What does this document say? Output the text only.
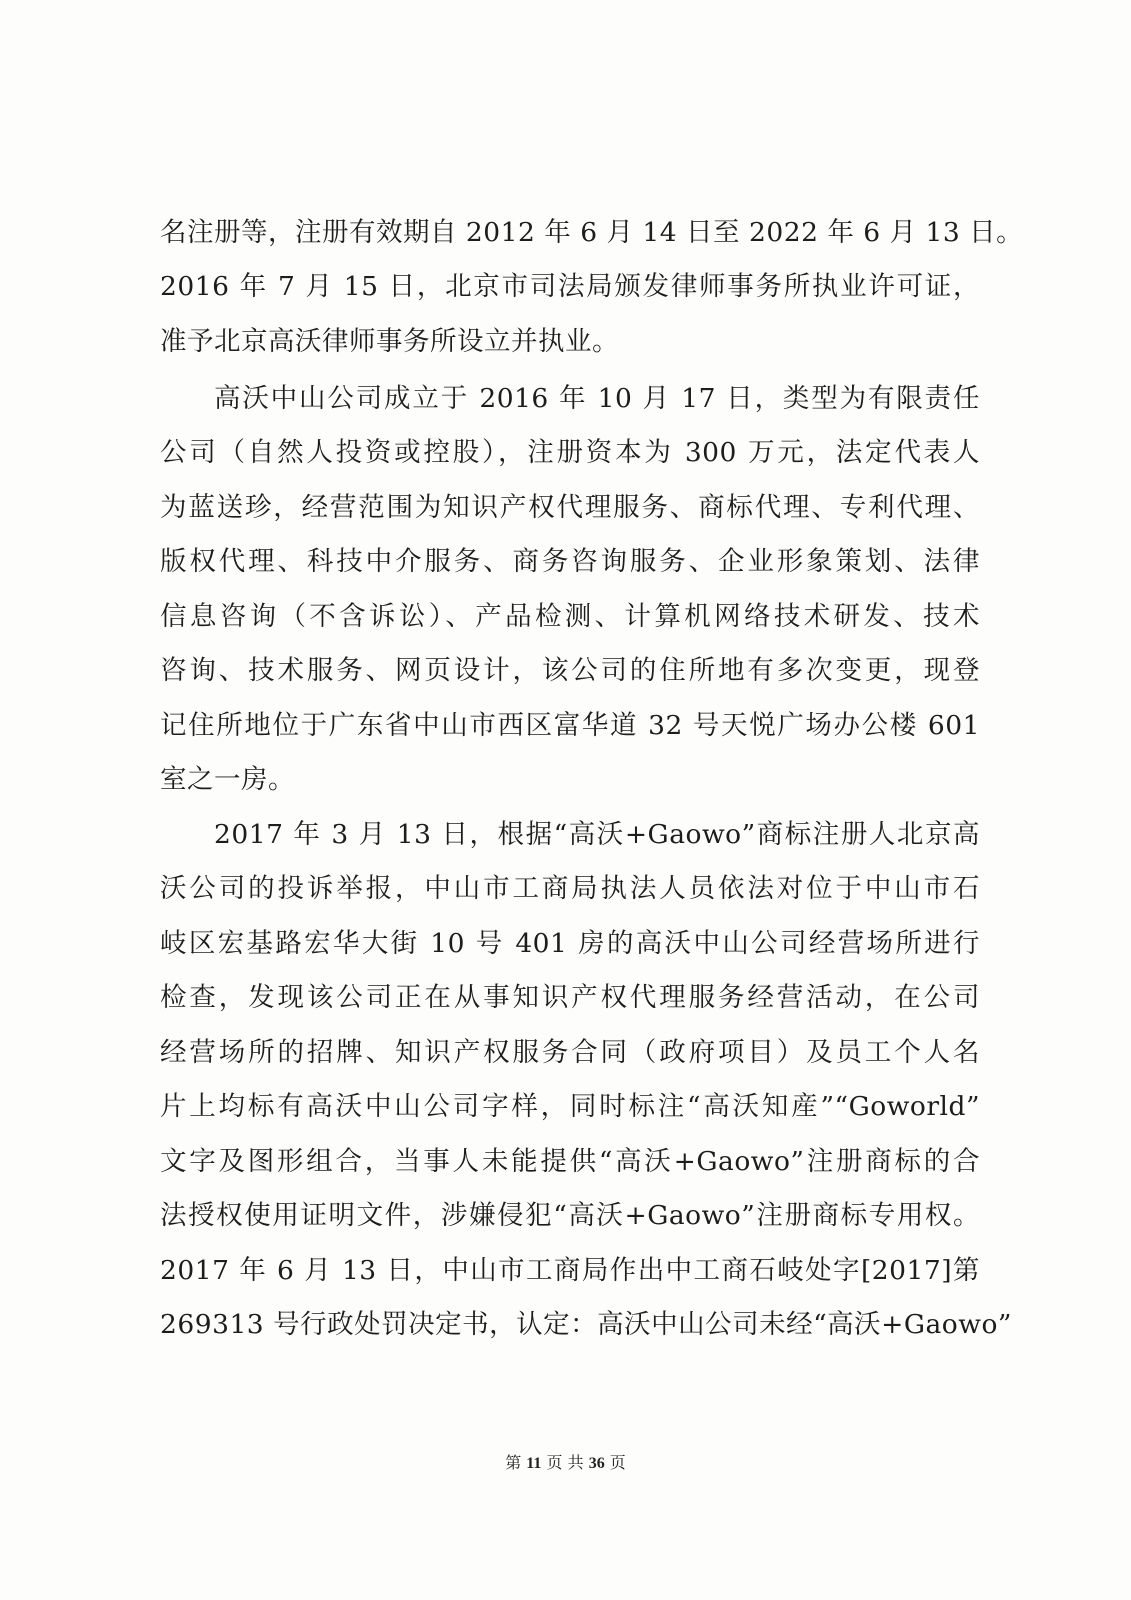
名注册等，注册有效期自 2012 年 6 月 14 日至 2022 年 6 月 13 日。
2016 年 7 月 15 日，北京市司法局颁发律师事务所执业许可证，
准予北京高沃律师事务所设立并执业。
高沃中山公司成立于 2016 年 10 月 17 日，类型为有限责任
公司（自然人投资或控股），注册资本为 300 万元，法定代表人
为蓝送珍，经营范围为知识产权代理服务、商标代理、专利代理、
版权代理、科技中介服务、商务咨询服务、企业形象策划、法律
信息咨询（不含诉讼）、产品检测、计算机网络技术研发、技术
咨询、技术服务、网页设计，该公司的住所地有多次变更，现登
记住所地位于广东省中山市西区富华道 32 号天悦广场办公楼 601
室之一房。
2017 年 3 月 13 日，根据“高沃+Gaowo”商标注册人北京高
沃公司的投诉举报，中山市工商局执法人员依法对位于中山市石
岐区宏基路宏华大街 10 号 401 房的高沃中山公司经营场所进行
检查，发现该公司正在从事知识产权代理服务经营活动，在公司
经营场所的招牌、知识产权服务合同（政府项目）及员工个人名
片上均标有高沃中山公司字样，同时标注“高沃知産”“Goworld”
文字及图形组合，当事人未能提供“高沃+Gaowo”注册商标的合
法授权使用证明文件，涉嫌侵犯“高沃+Gaowo”注册商标专用权。
2017 年 6 月 13 日，中山市工商局作出中工商石岐处字[2017]第
269313 号行政处罚决定书，认定：高沃中山公司未经“高沃+Gaowo”
第 11 页 共 36 页
